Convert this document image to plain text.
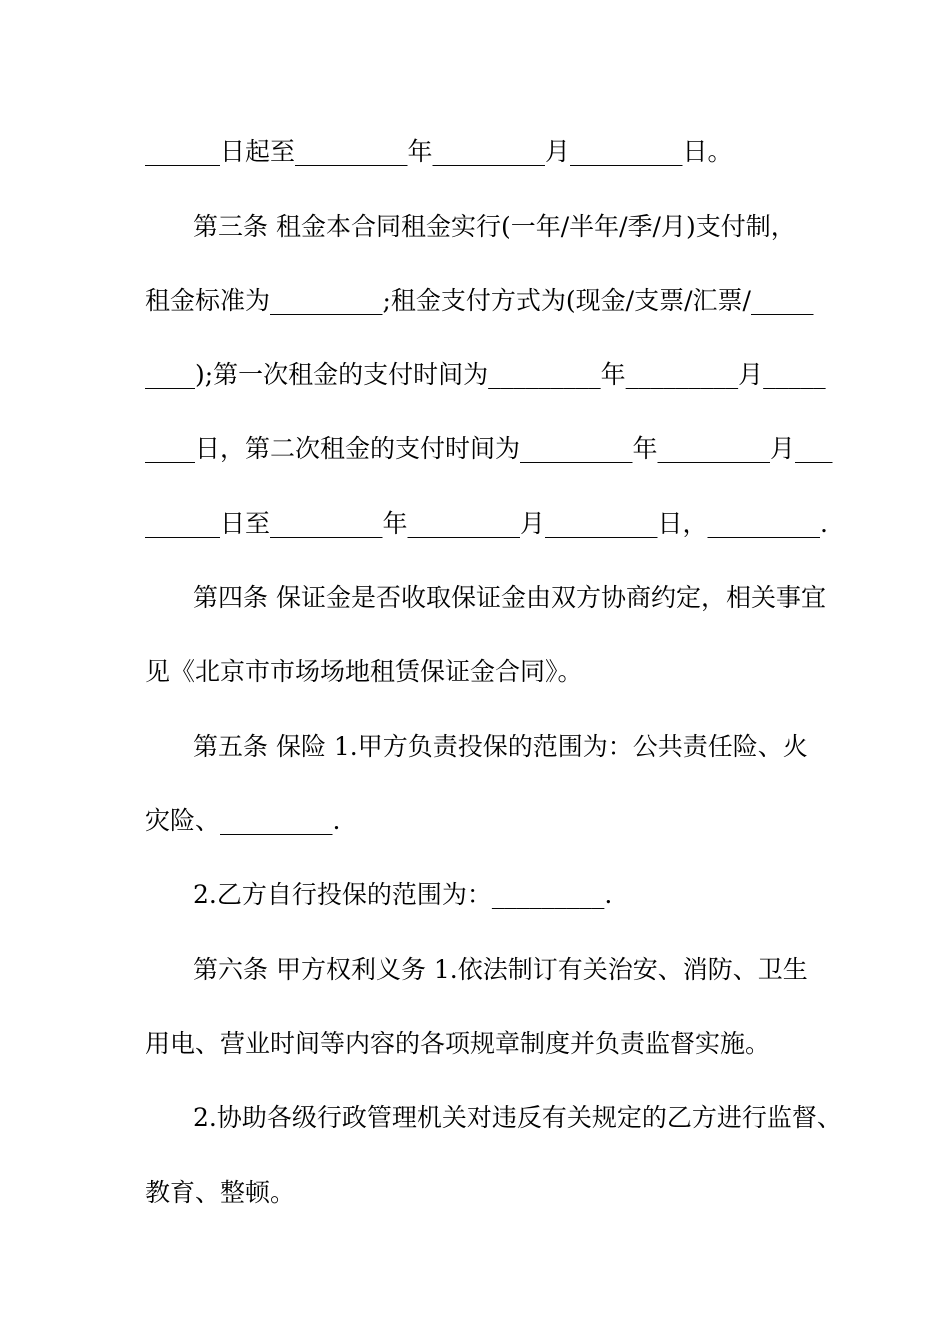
______日起至_________年_________月_________日。
第三条 租金本合同租金实行(一年/半年/季/月)支付制，
租金标准为_________;租金支付方式为(现金/支票/汇票/_____
____);第一次租金的支付时间为_________年_________月_____
____日，第二次租金的支付时间为_________年_________月___
______日至_________年_________月_________日，_________.
第四条 保证金是否收取保证金由双方协商约定，相关事宜
见《北京市市场场地租赁保证金合同》。
第五条 保险 1.甲方负责投保的范围为：公共责任险、火
灾险、_________.
2.乙方自行投保的范围为：_________.
第六条 甲方权利义务 1.依法制订有关治安、消防、卫生
用电、营业时间等内容的各项规章制度并负责监督实施。
2.协助各级行政管理机关对违反有关规定的乙方进行监督、
教育、整顿。
